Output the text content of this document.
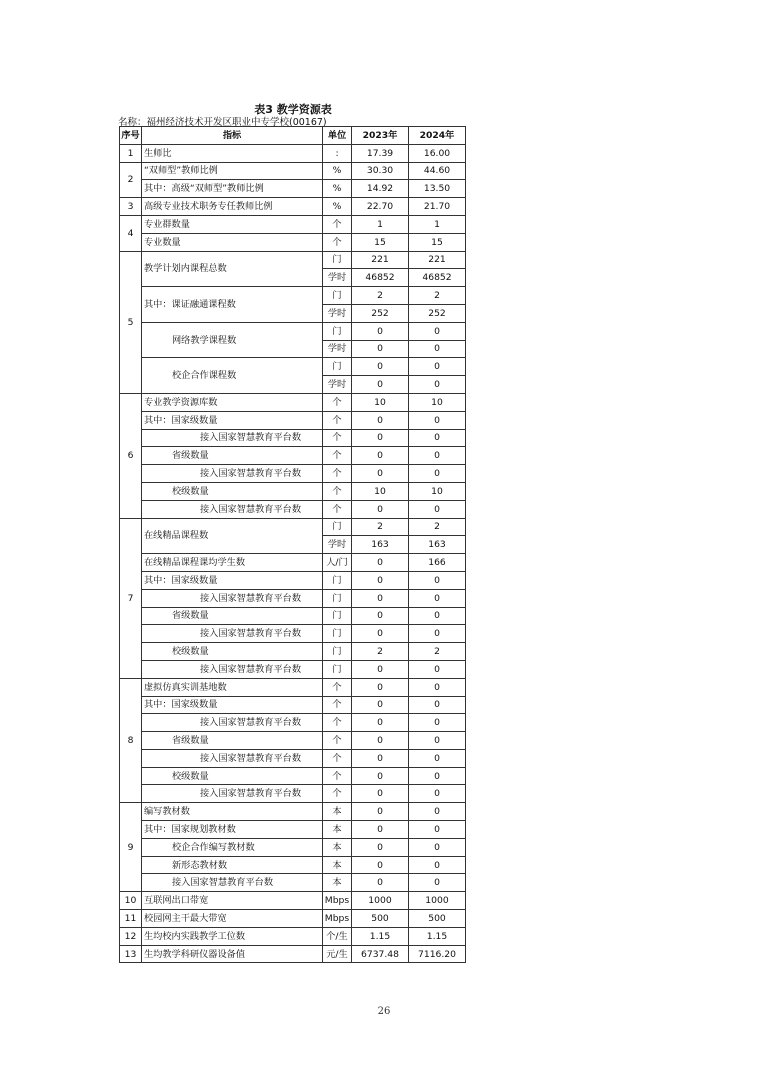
​
表3 教学资源表
名称：福州经济技术开发区职业中专学校(00167)
序号	指标	单位	2023年	2024年
1	生师比	:	17.39	16.00
2	“双师型”教师比例	%	30.30	44.60
	其中：高级“双师型”教师比例	%	14.92	13.50
3	高级专业技术职务专任教师比例	%	22.70	21.70
4	专业群数量	个	1	1
	专业数量	个	15	15
5	教学计划内课程总数	门	221	221
		学时	46852	46852
	其中：课证融通课程数	门	2	2
		学时	252	252
	网络教学课程数	门	0	0
		学时	0	0
	校企合作课程数	门	0	0
		学时	0	0
6	专业教学资源库数	个	10	10
	其中：国家级数量	个	0	0
	接入国家智慧教育平台数	个	0	0
	省级数量	个	0	0
	接入国家智慧教育平台数	个	0	0
	校级数量	个	10	10
	接入国家智慧教育平台数	个	0	0
7	在线精品课程数	门	2	2
		学时	163	163
	在线精品课程课均学生数	人/门	0	166
	其中：国家级数量	门	0	0
	接入国家智慧教育平台数	门	0	0
	省级数量	门	0	0
	接入国家智慧教育平台数	门	0	0
	校级数量	门	2	2
	接入国家智慧教育平台数	门	0	0
8	虚拟仿真实训基地数	个	0	0
	其中：国家级数量	个	0	0
	接入国家智慧教育平台数	个	0	0
	省级数量	个	0	0
	接入国家智慧教育平台数	个	0	0
	校级数量	个	0	0
	接入国家智慧教育平台数	个	0	0
9	编写教材数	本	0	0
	其中：国家规划教材数	本	0	0
	校企合作编写教材数	本	0	0
	新形态教材数	本	0	0
	接入国家智慧教育平台数	本	0	0
10	互联网出口带宽	Mbps	1000	1000
11	校园网主干最大带宽	Mbps	500	500
12	生均校内实践教学工位数	个/生	1.15	1.15
13	生均教学科研仪器设备值	元/生	6737.48	7116.20
26
